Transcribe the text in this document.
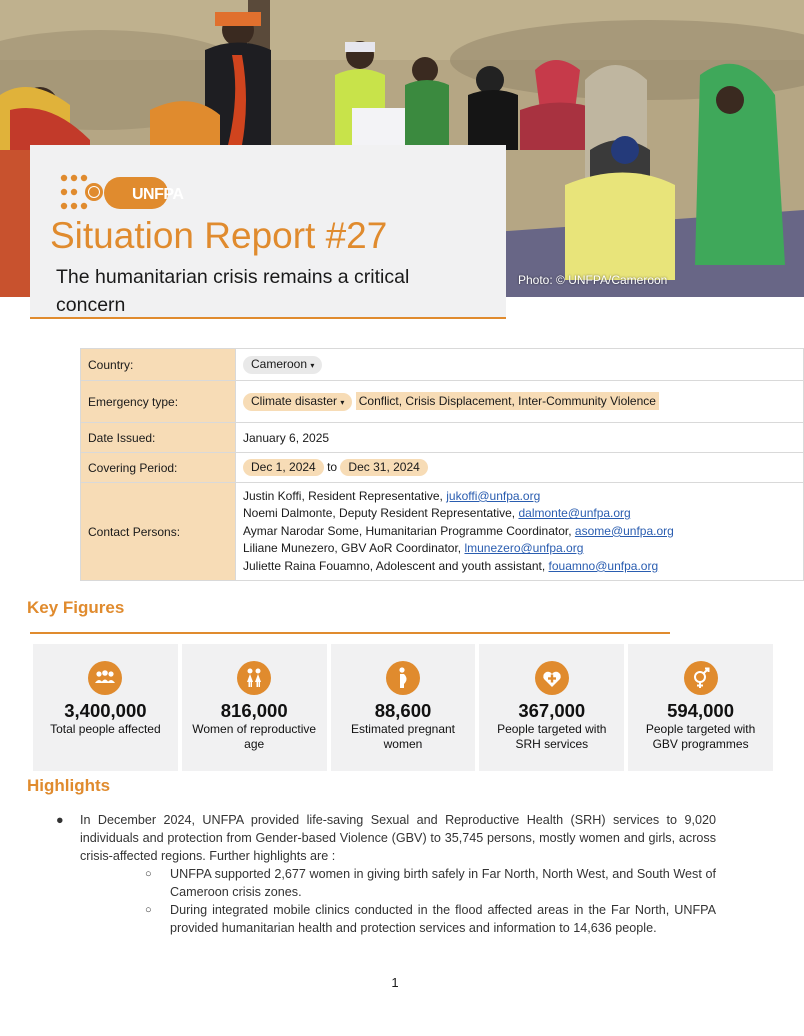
Photo: © UNFPA/Cameroon
UNFPA
Situation Report #27
The humanitarian crisis remains a critical concern
Country:	Cameroon ▾
Emergency type:	Climate disaster ▾ Conflict, Crisis Displacement, Inter-Community Violence
Date Issued:	January 6, 2025
Covering Period:	Dec 1, 2024 to Dec 31, 2024
Contact Persons:	Justin Koffi, Resident Representative, jukoffi@unfpa.org
Noemi Dalmonte, Deputy Resident Representative, dalmonte@unfpa.org
Aymar Narodar Some, Humanitarian Programme Coordinator, asome@unfpa.org
Liliane Munezero, GBV AoR Coordinator, lmunezero@unfpa.org
Juliette Raina Fouamno, Adolescent and youth assistant, fouamno@unfpa.org
Key Figures
3,400,000
Total people affected
816,000
Women of reproductive age
88,600
Estimated pregnant women
367,000
People targeted with SRH services
594,000
People targeted with GBV programmes
Highlights
● In December 2024, UNFPA provided life-saving Sexual and Reproductive Health (SRH) services to 9,020 individuals and protection from Gender-based Violence (GBV) to 35,745 persons, mostly women and girls, across crisis-affected regions. Further highlights are :
○ UNFPA supported 2,677 women in giving birth safely in Far North, North West, and South West of Cameroon crisis zones.
○ During integrated mobile clinics conducted in the flood affected areas in the Far North, UNFPA provided humanitarian health and protection services and information to 14,636 people.
1
